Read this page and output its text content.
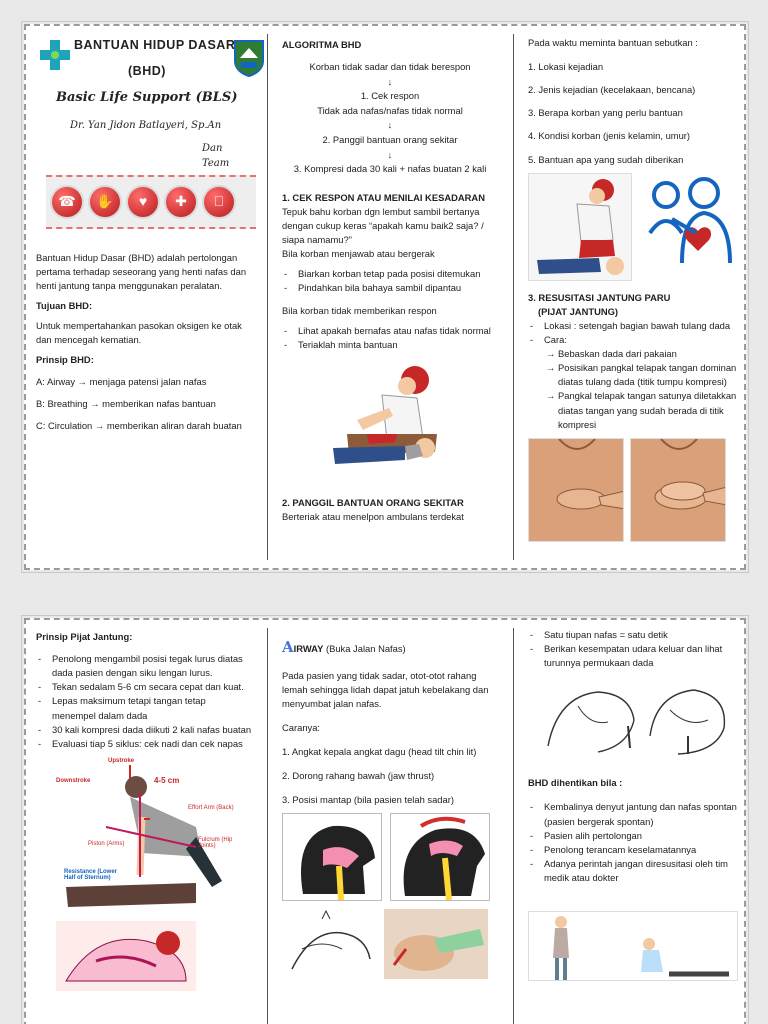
BANTUAN HIDUP DASAR
(BHD)
Basic Life Support (BLS)
Dr. Yan Jidon Batlayeri, Sp.An
Dan Team
☎	✋	♥	✚	⎕

Bantuan Hidup Dasar (BHD) adalah pertolongan pertama terhadap seseorang yang henti nafas dan henti jantung tanpa menggunakan peralatan.

Tujuan BHD:

Untuk mempertahankan pasokan oksigen ke otak dan mencegah kematian.

Prinsip BHD:

A: Airway → menjaga patensi jalan nafas

B: Breathing → memberikan nafas bantuan

C: Circulation → memberikan aliran darah buatan

ALGORITMA BHD
Korban tidak sadar dan tidak berespon
↓
1. Cek respon
Tidak ada nafas/nafas tidak normal
↓
2. Panggil bantuan orang sekitar
↓
3. Kompresi dada 30 kali + nafas buatan 2 kali
1. CEK RESPON ATAU MENILAI KESADARAN

Tepuk bahu korban dgn lembut sambil bertanya dengan cukup keras “apakah kamu baik2 saja? / siapa namamu?”

Bila korban menjawab atau bergerak

- Biarkan korban tetap pada posisi ditemukan
- Pindahkan bila bahaya sambil dipantau

Bila korban tidak memberikan respon

- Lihat apakah bernafas atau nafas tidak normal
- Teriaklah minta bantuan
2. PANGGIL BANTUAN ORANG SEKITAR

Berteriak atau menelpon ambulans terdekat

Pada waktu meminta bantuan sebutkan :

1. Lokasi kejadian

2. Jenis kejadian (kecelakaan, bencana)

3. Berapa korban yang perlu bantuan

4. Kondisi korban (jenis kelamin, umur)

5. Bantuan apa yang sudah diberikan

3. RESUSITASI JANTUNG PARU
(PIJAT JANTUNG)
- Lokasi : setengah bagian bawah tulang dada
- Cara:
→ Bebaskan dada dari pakaian
→ Posisikan pangkal telapak tangan dominan diatas tulang dada (titik tumpu kompresi)
→ Pangkal telapak tangan satunya diletakkan diatas tangan yang sudah berada di titik kompresi
Prinsip Pijat Jantung:
- Penolong mengambil posisi tegak lurus diatas dada pasien dengan siku lengan lurus.
- Tekan sedalam 5-6 cm secara cepat dan kuat.
- Lepas maksimum tetapi tangan tetap menempel dalam dada
- 30 kali kompresi dada diikuti 2 kali nafas buatan
- Evaluasi tiap 5 siklus: cek nadi dan cek napas
Upstroke
Downstroke	4-5 cm
Effort Arm (Back)
Fulcrum (Hip Joints)
Piston (Arms)
Resistance (Lower Half of Sternum)
AIRWAY (Buka Jalan Nafas)

Pada pasien yang tidak sadar, otot-otot rahang lemah sehingga lidah dapat jatuh kebelakang dan menyumbat jalan nafas.

Caranya:

1. Angkat kepala angkat dagu (head tilt chin lit)

2. Dorong rahang bawah (jaw thrust)

3. Posisi mantap (bila pasien telah sadar)

- Satu tiupan nafas = satu detik
- Berikan kesempatan udara keluar dan lihat turunnya permukaan dada
BHD dihentikan bila :
- Kembalinya denyut jantung dan nafas spontan (pasien bergerak spontan)
- Pasien alih pertolongan
- Penolong terancam keselamatannya
- Adanya perintah jangan diresusitasi oleh tim medik atau dokter
